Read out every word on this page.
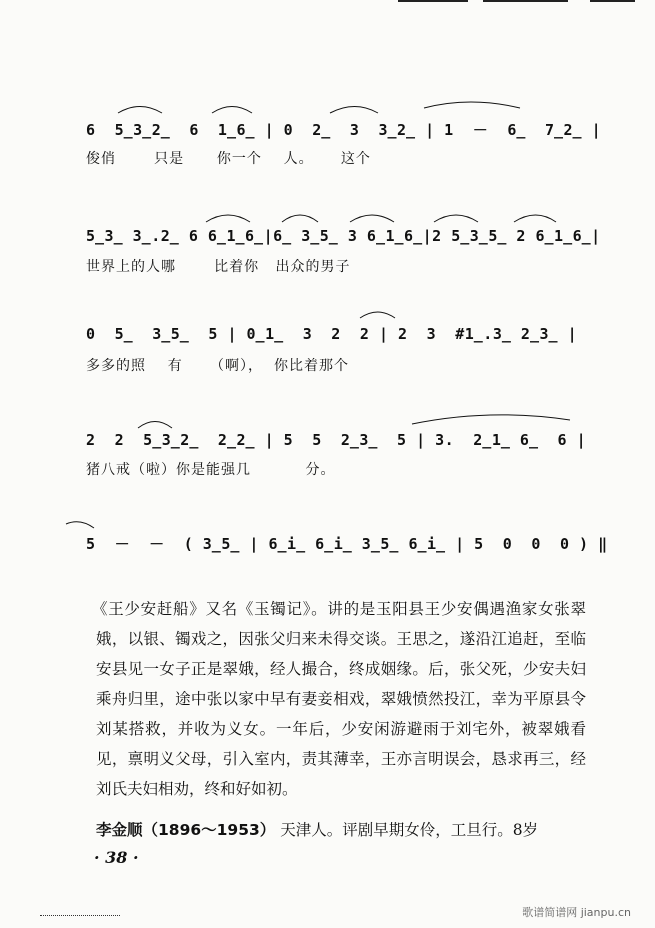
6  5̲3̲2̲  6  1̲6̲ | 0  2̲  3  3̲2̲ | 1  －  6̲  7̲2̲ |
俊俏       只是      你一个    人。     这个
5̲3̲ 3̲.2̲ 6 6̲1̲6̲|6̲ 3̲5̲ 3 6̲1̲6̲|2 5̲3̲5̲ 2 6̲1̲6̲|
世界上的人哪       比着你   出众的男子
0  5̲  3̲5̲  5 | 0̲1̲  3  2  2 | 2  3  #1̲.3̲ 2̲3̲ |
多多的照    有     （啊），  你比着那个
2  2  5̲3̲2̲  2̲2̲ | 5  5  2̲3̲  5 | 3.  2̲1̲ 6̲  6 |
猪八戒（啦）你是能强几          分。
5  －  －  ( 3̲5̲ | 6̲i̲ 6̲i̲ 3̲5̲ 6̲i̲ | 5  0  0  0 ) ‖

《王少安赶船》又名《玉镯记》。讲的是玉阳县王少安偶遇渔家女张翠娥，以银、镯戏之，因张父归来未得交谈。王思之，遂沿江追赶，至临安县见一女子正是翠娥，经人撮合，终成姻缘。后，张父死，少安夫妇乘舟归里，途中张以家中早有妻妾相戏，翠娥愤然投江，幸为平原县令刘某搭救，并收为义女。一年后，少安闲游避雨于刘宅外，被翠娥看见，禀明义父母，引入室内，责其薄幸，王亦言明误会，恳求再三，经刘氏夫妇相劝，终和好如初。

李金顺（1896～1953） 天津人。评剧早期女伶，工旦行。8岁
· 38 ·
歌谱简谱网 jianpu.cn
